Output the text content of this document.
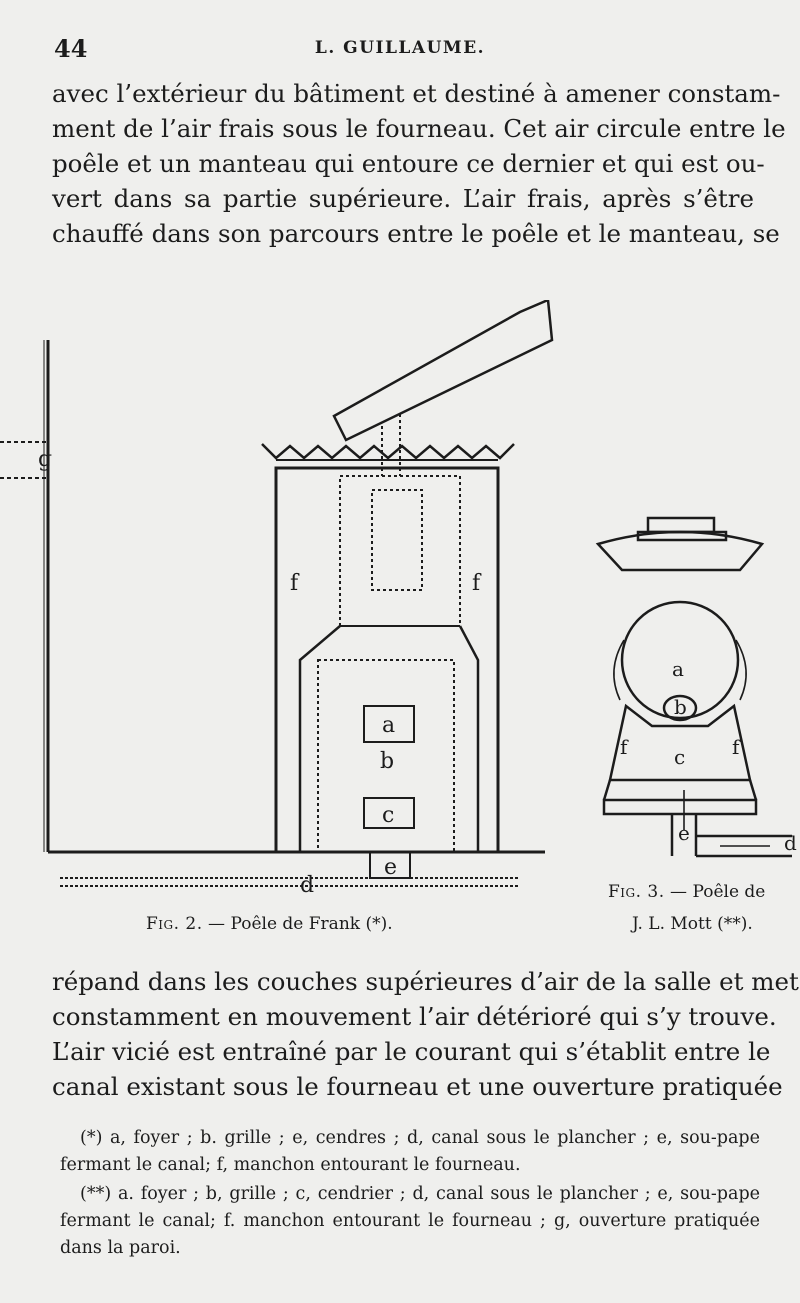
44	L. GUILLAUME.
avec l’extérieur du bâtiment et destiné à amener constam-
ment de l’air frais sous le fourneau. Cet air circule entre le
poêle et un manteau qui entoure ce dernier et qui est ou-
vert dans sa partie supérieure. L’air frais, après s’être
chauffé dans son parcours entre le poêle et le manteau, se
f	f
a
b
c
d
e
g
Fig. 2. — Poêle de Frank (*).
a
b
c
f	f
e	d
Fig. 3. — Poêle de
J. L. Mott (**).
répand dans les couches supérieures d’air de la salle et met
constamment en mouvement l’air détérioré qui s’y trouve.
L’air vicié est entraîné par le courant qui s’établit entre le
canal existant sous le fourneau et une ouverture pratiquée

(*) a, foyer ; b. grille ; e, cendres ; d, canal sous le plancher ; e, sou-pape fermant le canal; f, manchon entourant le fourneau.

(**) a. foyer ; b, grille ; c, cendrier ; d, canal sous le plancher ; e, sou-pape fermant le canal; f. manchon entourant le fourneau ; g, ouverture pratiquée dans la paroi.
